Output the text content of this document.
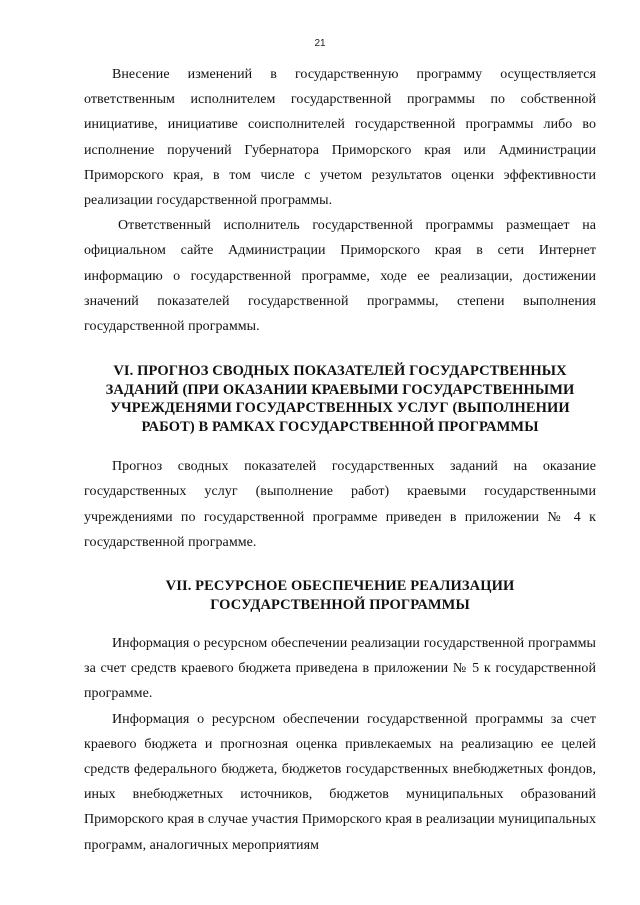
21

Внесение изменений в государственную программу осуществляется ответственным исполнителем государственной программы по собственной инициативе, инициативе соисполнителей государственной программы либо во исполнение поручений Губернатора Приморского края или Администрации Приморского края, в том числе с учетом результатов оценки эффективности реализации государственной программы.

Ответственный исполнитель государственной программы размещает на официальном сайте Администрации Приморского края в сети Интернет информацию о государственной программе, ходе ее реализации, достижении значений показателей государственной программы, степени выполнения государственной программы.

VI. ПРОГНОЗ СВОДНЫХ ПОКАЗАТЕЛЕЙ ГОСУДАРСТВЕННЫХ
ЗАДАНИЙ (ПРИ ОКАЗАНИИ КРАЕВЫМИ ГОСУДАРСТВЕННЫМИ
УЧРЕЖДЕНЯМИ ГОСУДАРСТВЕННЫХ УСЛУГ (ВЫПОЛНЕНИИ
РАБОТ) В РАМКАХ ГОСУДАРСТВЕННОЙ ПРОГРАММЫ

Прогноз сводных показателей государственных заданий на оказание государственных услуг (выполнение работ) краевыми государственными учреждениями по государственной программе приведен в приложении № 4 к государственной программе.

VII. РЕСУРСНОЕ ОБЕСПЕЧЕНИЕ РЕАЛИЗАЦИИ
ГОСУДАРСТВЕННОЙ ПРОГРАММЫ

Информация о ресурсном обеспечении реализации государственной программы за счет средств краевого бюджета приведена в приложении № 5 к государственной программе.

Информация о ресурсном обеспечении государственной программы за счет краевого бюджета и прогнозная оценка привлекаемых на реализацию ее целей средств федерального бюджета, бюджетов государственных внебюджетных фондов, иных внебюджетных источников, бюджетов муниципальных образований Приморского края в случае участия Приморского края в реализации муниципальных программ, аналогичных мероприятиям
